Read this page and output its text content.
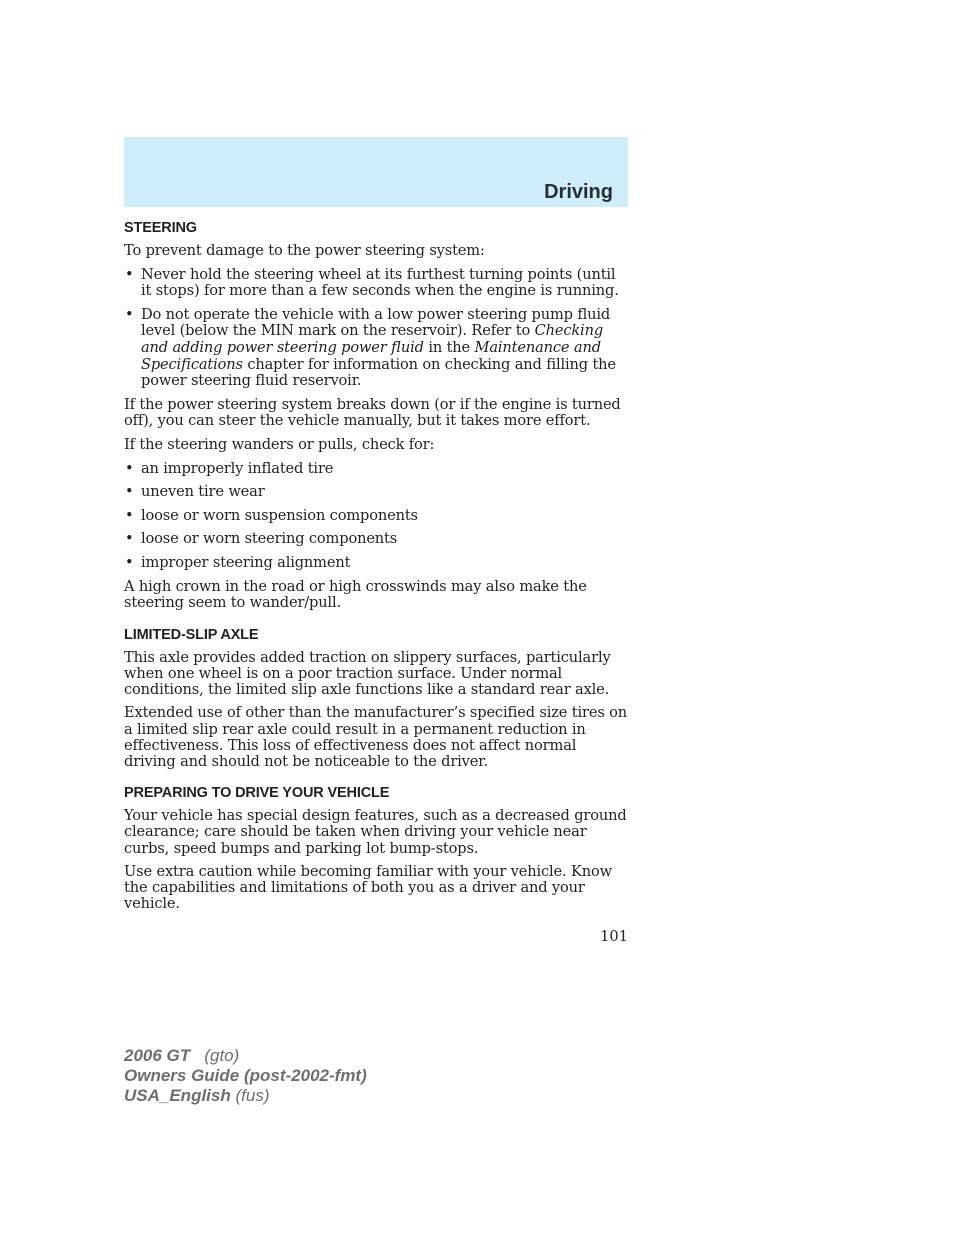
Driving
STEERING

To prevent damage to the power steering system:

• Never hold the steering wheel at its furthest turning points (until it stops) for more than a few seconds when the engine is running.
• Do not operate the vehicle with a low power steering pump fluid level (below the MIN mark on the reservoir). Refer to Checking and adding power steering power fluid in the Maintenance and Specifications chapter for information on checking and filling the power steering fluid reservoir.

If the power steering system breaks down (or if the engine is turned off), you can steer the vehicle manually, but it takes more effort.

If the steering wanders or pulls, check for:

• an improperly inflated tire
• uneven tire wear
• loose or worn suspension components
• loose or worn steering components
• improper steering alignment

A high crown in the road or high crosswinds may also make the steering seem to wander/pull.

LIMITED-SLIP AXLE

This axle provides added traction on slippery surfaces, particularly when one wheel is on a poor traction surface. Under normal conditions, the limited slip axle functions like a standard rear axle.

Extended use of other than the manufacturer’s specified size tires on a limited slip rear axle could result in a permanent reduction in effectiveness. This loss of effectiveness does not affect normal driving and should not be noticeable to the driver.

PREPARING TO DRIVE YOUR VEHICLE

Your vehicle has special design features, such as a decreased ground clearance; care should be taken when driving your vehicle near curbs, speed bumps and parking lot bump-stops.

Use extra caution while becoming familiar with your vehicle. Know the capabilities and limitations of both you as a driver and your vehicle.

101
2006 GT (gto)
Owners Guide (post-2002-fmt)
USA_English (fus)
